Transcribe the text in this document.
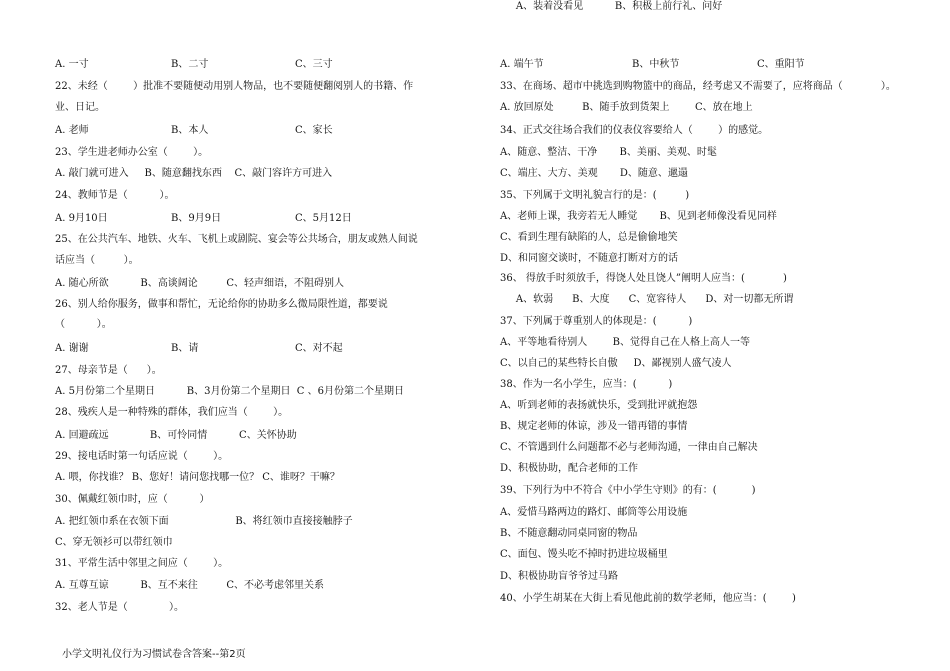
A. 一寸	B、二寸	C、三寸
22、未经（        ）批准不要随便动用别人物品，也不要随便翻阅别人的书籍、作
业、日记。
A. 老师	B、本人	C、家长
23、学生进老师办公室（        ）。
A. 敲门就可进入     B、随意翻找东西    C、敲门容许方可进入
24、教师节是（          ）。
A. 9月10日	B、9月9日	C、5月12日
25、在公共汽车、地铁、火车、飞机上或剧院、宴会等公共场合，朋友或熟人间说
话应当（         ）。
A. 随心所欲          B、高谈阔论         C、轻声细语，不阻碍别人
26、别人给你服务，做事和帮忙，无论给你的协助多么微局限性道，都要说
（          ）。
A. 谢谢	B、请	C、对不起
27、母亲节是（      ）。
A. 5月份第二个星期日          B、3月份第二个星期日  C 、6月份第二个星期日
28、残疾人是一种特殊的群体，我们应当（        ）。
A. 回避疏远             B、可怜同情          C、关怀协助
29、接电话时第一句话应说（        ）。
A. 喂，你找谁？ B、您好！请问您找哪一位？ C、谁呀？干嘛？
30、佩戴红领巾时，应（          ）
A. 把红领巾系在衣领下面                     B、将红领巾直接接触脖子
C、穿无领衫可以带红领巾
31、平常生活中邻里之间应（        ）。
A. 互尊互谅          B、互不来往         C、不必考虑邻里关系
32、老人节是（             ）。
A. 端午节	B、中秋节	C、重阳节
33、在商场、超市中挑选到购物篮中的商品，经考虑又不需要了，应将商品（            ）。
A. 放回原处         B、随手放到货架上        C、放在地上
34、正式交往场合我们的仪表仪容要给人（        ）的感觉。
A、随意、整洁、干净       B、美丽、美观、时髦
C、端庄、大方、美观       D、随意、邋遢
35、下列属于文明礼貌言行的是：(         )
A、老师上课，我旁若无人睡觉       B、见到老师像没看见同样
C、看到生理有缺陷的人，总是偷偷地笑
D、和同窗交谈时，不随意打断对方的话
36、 得放手时须放手，得饶人处且饶人”阐明人应当：(            )
A、软弱      B、大度      C、宽容待人      D、对一切都无所谓
37、下列属于尊重别人的体现是：(          )
A、平等地看待别人        B、觉得自己在人格上高人一等
C、以自己的某些特长自傲     D、鄙视别人盛气凌人
38、作为一名小学生，应当：(          )
A、听到老师的表扬就快乐，受到批评就抱怨
B、规定老师的体谅，涉及一错再错的事情
C、不管遇到什么问题都不必与老师沟通，一律由自己解决
D、积极协助，配合老师的工作
39、下列行为中不符合《中小学生守则》的有：(           )
A、爱惜马路两边的路灯、邮筒等公用设施
B、不随意翻动同桌同窗的物品
C、面包、馒头吃不掉时扔进垃圾桶里
D、积极协助盲爷爷过马路
40、小学生胡某在大街上看见他此前的数学老师，他应当：(        )
A、装着没看见          B、积极上前行礼、问好
小学文明礼仪行为习惯试卷含答案--第2页
